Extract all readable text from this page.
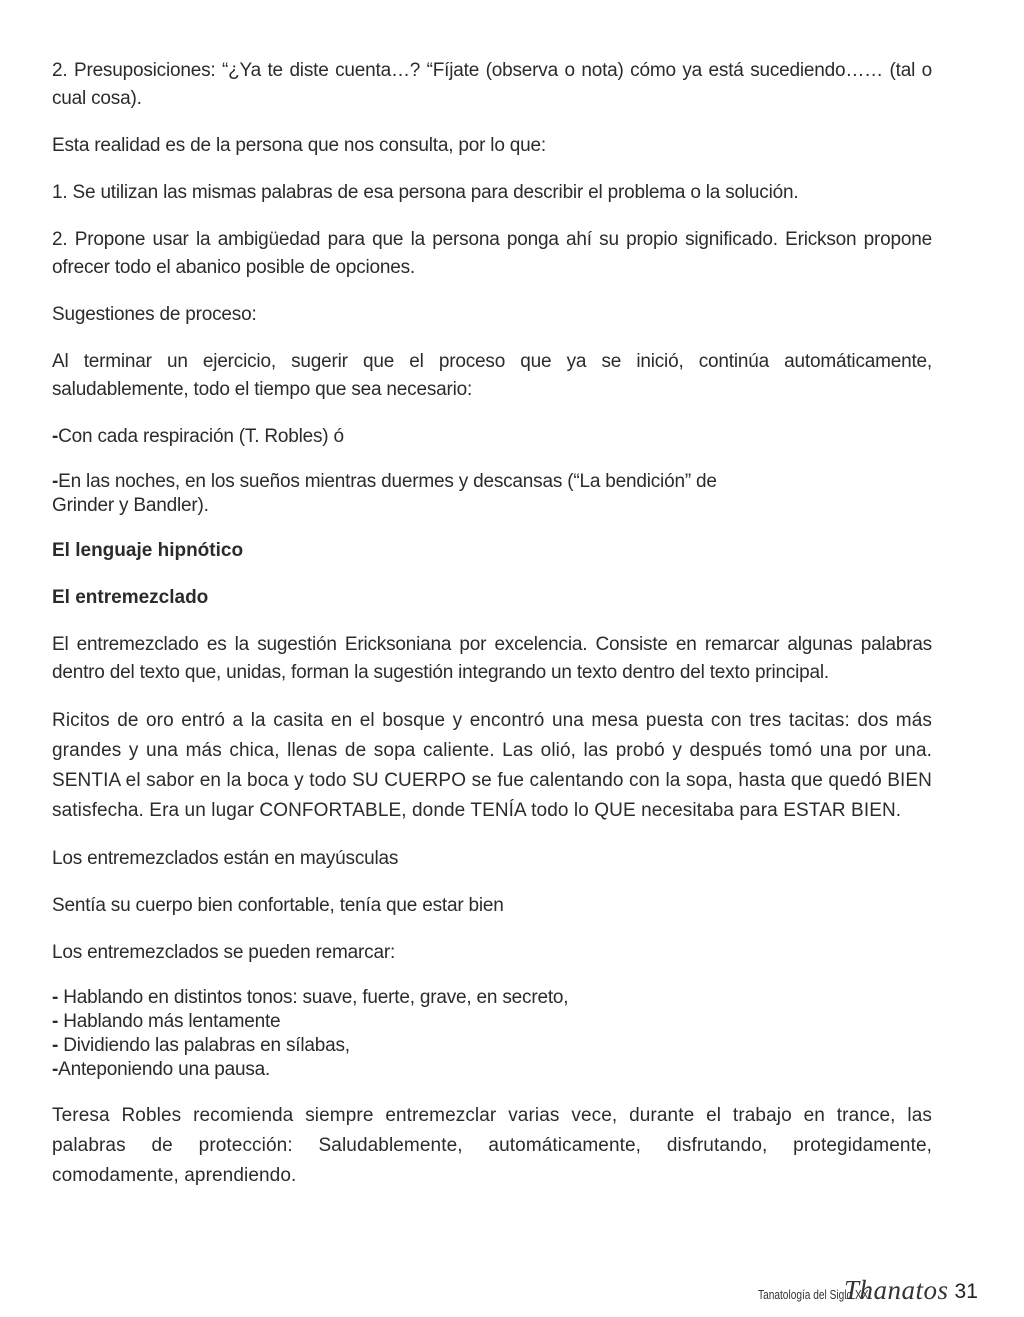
2. Presuposiciones: “¿Ya te diste cuenta…? “Fíjate (observa o nota) cómo ya está sucediendo…… (tal o cual cosa).

Esta realidad es de la persona que nos consulta, por lo que:

1. Se utilizan las mismas palabras de esa persona para describir el problema o la solución.

2. Propone usar la ambigüedad para que la persona ponga ahí su propio significado. Erickson propone ofrecer todo el abanico posible de opciones.

Sugestiones de proceso:

Al terminar un ejercicio, sugerir que el proceso que ya se inició, continúa automáticamente, saludablemente, todo el tiempo que sea necesario:

-Con cada respiración (T. Robles) ó

-En las noches, en los sueños mientras duermes y descansas (“La bendición” de
Grinder y Bandler).

El lenguaje hipnótico

El entremezclado

El entremezclado es la sugestión Ericksoniana por excelencia. Consiste en remarcar algunas palabras dentro del texto que, unidas, forman la sugestión integrando un texto dentro del texto principal.

Ricitos de oro entró a la casita en el bosque y encontró una mesa puesta con tres tacitas: dos más grandes y una más chica, llenas de sopa caliente. Las olió, las probó y después tomó una por una. SENTIA el sabor en la boca y todo SU CUERPO se fue calentando con la sopa, hasta que quedó BIEN satisfecha. Era un lugar CONFORTABLE, donde TENÍA todo lo QUE necesitaba para ESTAR BIEN.

Los entremezclados están en mayúsculas

Sentía su cuerpo bien confortable, tenía que estar bien

Los entremezclados se pueden remarcar:

- Hablando en distintos tonos: suave, fuerte, grave, en secreto,
- Hablando más lentamente
- Dividiendo las palabras en sílabas,
-Anteponiendo una pausa.

Teresa Robles recomienda siempre entremezclar varias vece, durante el trabajo en trance, las palabras de protección: Saludablemente, automáticamente, disfrutando, protegidamente, comodamente, aprendiendo.

Tanatología del Siglo XXI
Thanatos 31
